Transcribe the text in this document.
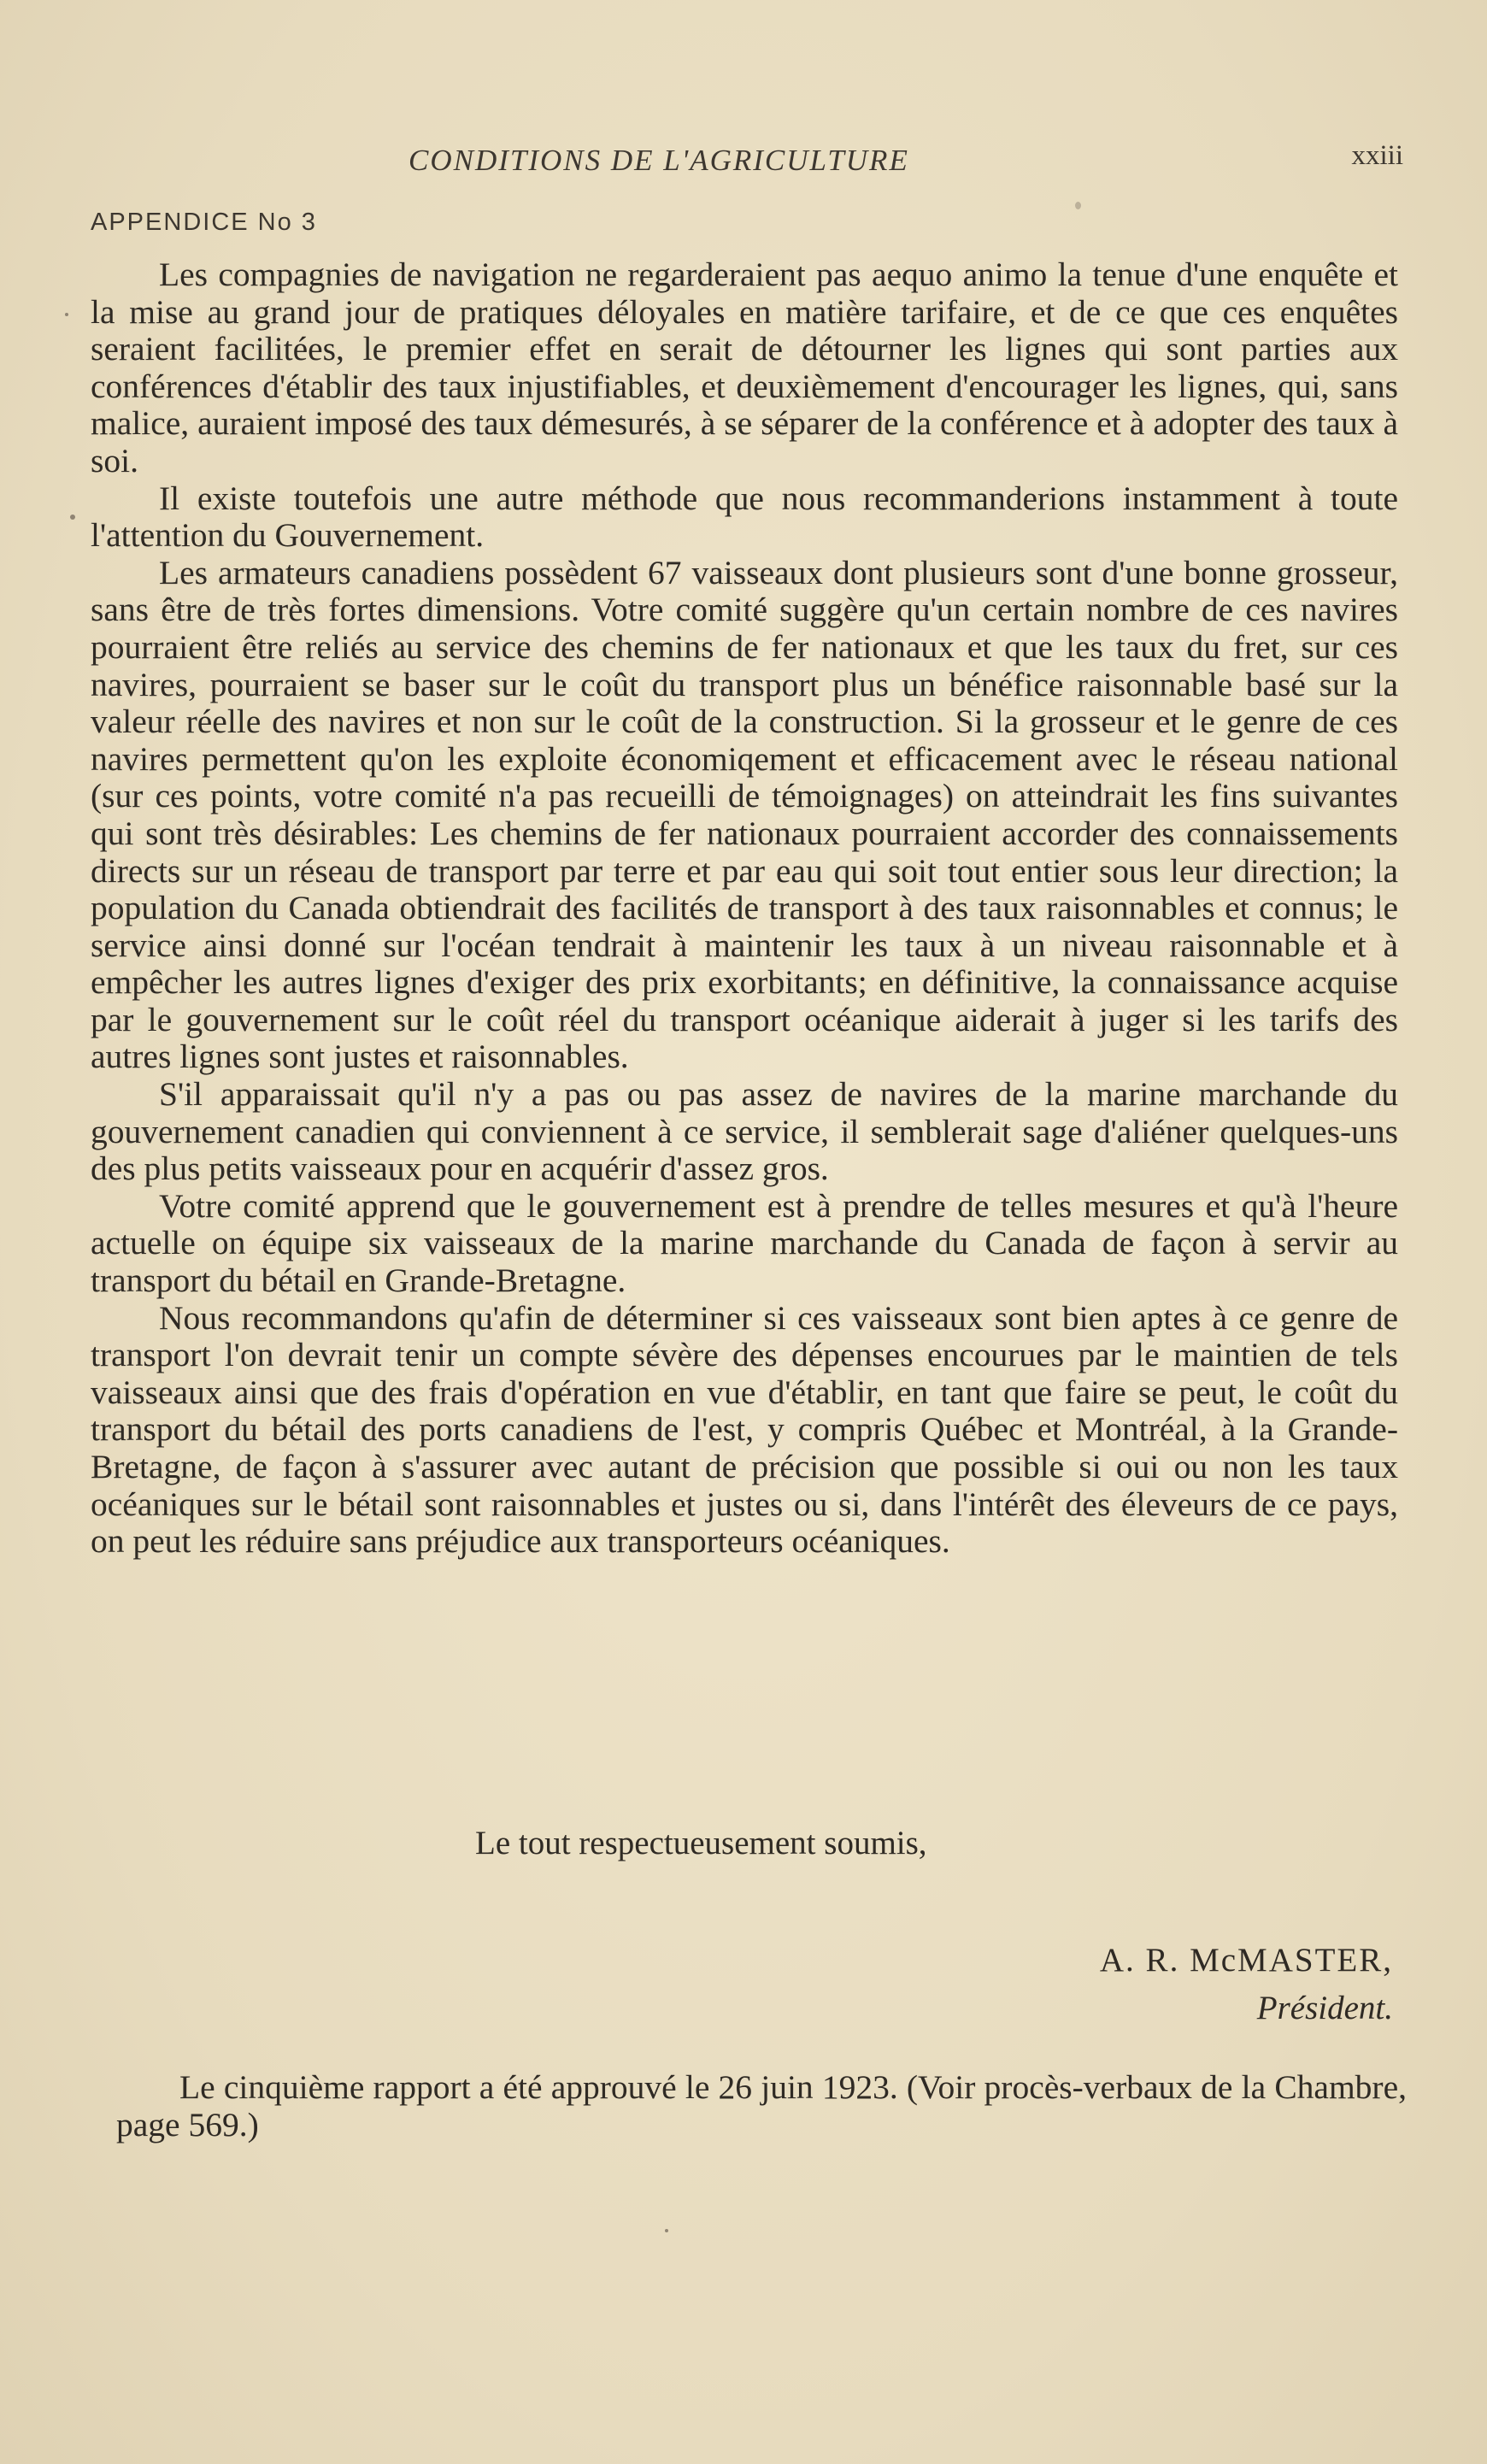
CONDITIONS DE L'AGRICULTURE	xxiii
APPENDICE No 3

Les compagnies de navigation ne regarderaient pas aequo animo la tenue d'une enquête et la mise au grand jour de pratiques déloyales en matière tarifaire, et de ce que ces enquêtes seraient facilitées, le premier effet en serait de détourner les lignes qui sont parties aux conférences d'établir des taux injustifiables, et deuxièmement d'encourager les lignes, qui, sans malice, auraient imposé des taux démesurés, à se séparer de la conférence et à adopter des taux à soi.

Il existe toutefois une autre méthode que nous recommanderions instamment à toute l'attention du Gouvernement.

Les armateurs canadiens possèdent 67 vaisseaux dont plusieurs sont d'une bonne grosseur, sans être de très fortes dimensions. Votre comité suggère qu'un certain nombre de ces navires pourraient être reliés au service des chemins de fer nationaux et que les taux du fret, sur ces navires, pourraient se baser sur le coût du transport plus un bénéfice raisonnable basé sur la valeur réelle des navires et non sur le coût de la construction. Si la grosseur et le genre de ces navires permettent qu'on les exploite économiqement et efficacement avec le réseau national (sur ces points, votre comité n'a pas recueilli de témoignages) on atteindrait les fins suivantes qui sont très désirables: Les chemins de fer nationaux pourraient accorder des connaissements directs sur un réseau de transport par terre et par eau qui soit tout entier sous leur direction; la population du Canada obtiendrait des facilités de transport à des taux raisonnables et connus; le service ainsi donné sur l'océan tendrait à maintenir les taux à un niveau raisonnable et à empêcher les autres lignes d'exiger des prix exorbitants; en définitive, la connaissance acquise par le gouvernement sur le coût réel du transport océanique aiderait à juger si les tarifs des autres lignes sont justes et raisonnables.

S'il apparaissait qu'il n'y a pas ou pas assez de navires de la marine marchande du gouvernement canadien qui conviennent à ce service, il semblerait sage d'aliéner quelques-uns des plus petits vaisseaux pour en acquérir d'assez gros.

Votre comité apprend que le gouvernement est à prendre de telles mesures et qu'à l'heure actuelle on équipe six vaisseaux de la marine marchande du Canada de façon à servir au transport du bétail en Grande-Bretagne.

Nous recommandons qu'afin de déterminer si ces vaisseaux sont bien aptes à ce genre de transport l'on devrait tenir un compte sévère des dépenses encourues par le maintien de tels vaisseaux ainsi que des frais d'opération en vue d'établir, en tant que faire se peut, le coût du transport du bétail des ports canadiens de l'est, y compris Québec et Montréal, à la Grande-Bretagne, de façon à s'assurer avec autant de précision que possible si oui ou non les taux océaniques sur le bétail sont raisonnables et justes ou si, dans l'intérêt des éleveurs de ce pays, on peut les réduire sans préjudice aux transporteurs océaniques.

Le tout respectueusement soumis,
A. R. McMASTER,
Président.

Le cinquième rapport a été approuvé le 26 juin 1923. (Voir procès-verbaux de la Chambre, page 569.)
